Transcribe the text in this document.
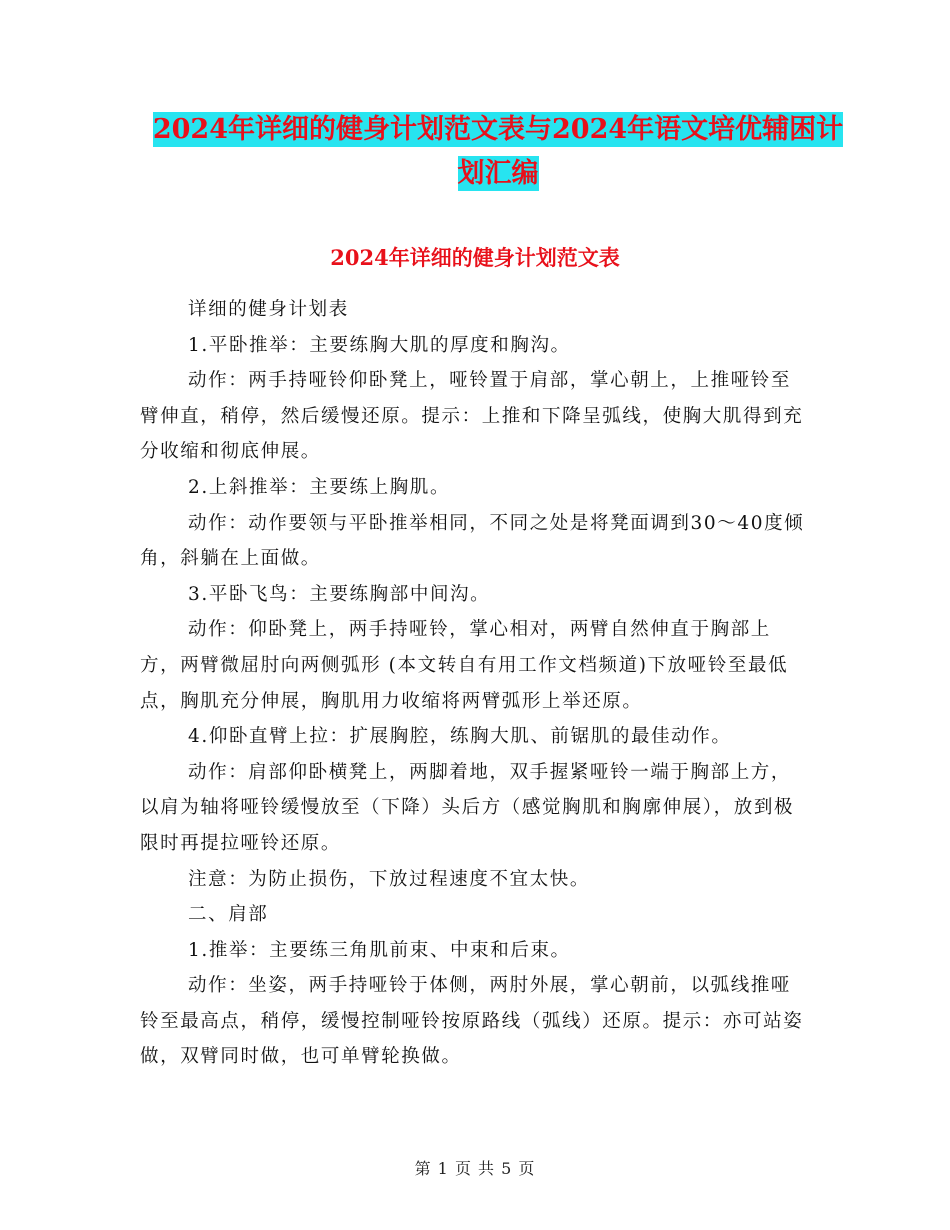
2024年详细的健身计划范文表与2024年语文培优辅困计划汇编
2024年详细的健身计划范文表

详细的健身计划表

1.平卧推举：主要练胸大肌的厚度和胸沟。

动作：两手持哑铃仰卧凳上，哑铃置于肩部，掌心朝上，上推哑铃至臂伸直，稍停，然后缓慢还原。提示：上推和下降呈弧线，使胸大肌得到充分收缩和彻底伸展。

2.上斜推举：主要练上胸肌。

动作：动作要领与平卧推举相同，不同之处是将凳面调到30～40度倾角，斜躺在上面做。

3.平卧飞鸟：主要练胸部中间沟。

动作：仰卧凳上，两手持哑铃，掌心相对，两臂自然伸直于胸部上方，两臂微屈肘向两侧弧形 (本文转自有用工作文档频道)下放哑铃至最低点，胸肌充分伸展，胸肌用力收缩将两臂弧形上举还原。

4.仰卧直臂上拉：扩展胸腔，练胸大肌、前锯肌的最佳动作。

动作：肩部仰卧横凳上，两脚着地，双手握紧哑铃一端于胸部上方，以肩为轴将哑铃缓慢放至（下降）头后方（感觉胸肌和胸廓伸展），放到极限时再提拉哑铃还原。

注意：为防止损伤，下放过程速度不宜太快。

二、肩部

1.推举：主要练三角肌前束、中束和后束。

动作：坐姿，两手持哑铃于体侧，两肘外展，掌心朝前，以弧线推哑铃至最高点，稍停，缓慢控制哑铃按原路线（弧线）还原。提示：亦可站姿做，双臂同时做，也可单臂轮换做。

第 1 页 共 5 页
